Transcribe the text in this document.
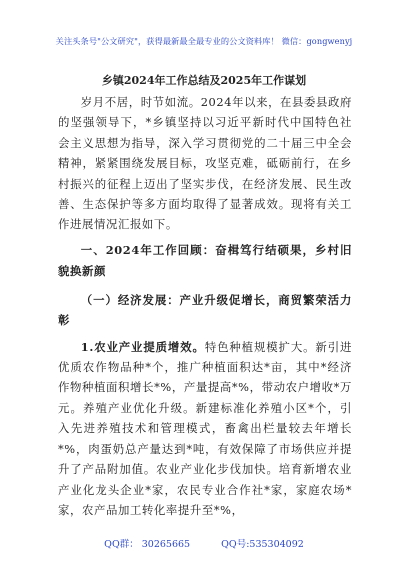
关注头条号"公文研究"，获得最新最全最专业的公文资料库！ 微信：gongwenyj
乡镇2024年工作总结及2025年工作谋划

岁月不居，时节如流。2024年以来，在县委县政府的坚强领导下，*乡镇坚持以习近平新时代中国特色社会主义思想为指导，深入学习贯彻党的二十届三中全会精神，紧紧围绕发展目标，攻坚克难，砥砺前行，在乡村振兴的征程上迈出了坚实步伐，在经济发展、民生改善、生态保护等多方面均取得了显著成效。现将有关工作进展情况汇报如下。

一、2024年工作回顾：奋楫笃行结硕果，乡村旧貌换新颜

（一）经济发展：产业升级促增长，商贸繁荣活力彰

1.农业产业提质增效。特色种植规模扩大。新引进优质农作物品种*个，推广种植面积达*亩，其中*经济作物种植面积增长*%，产量提高*%，带动农户增收*万元。养殖产业优化升级。新建标准化养殖小区*个，引入先进养殖技术和管理模式，畜禽出栏量较去年增长*%，肉蛋奶总产量达到*吨，有效保障了市场供应并提升了产品附加值。农业产业化步伐加快。培育新增农业产业化龙头企业*家，农民专业合作社*家，家庭农场*家，农产品加工转化率提升至*%，

QQ群： 30265665	QQ号:535304092
